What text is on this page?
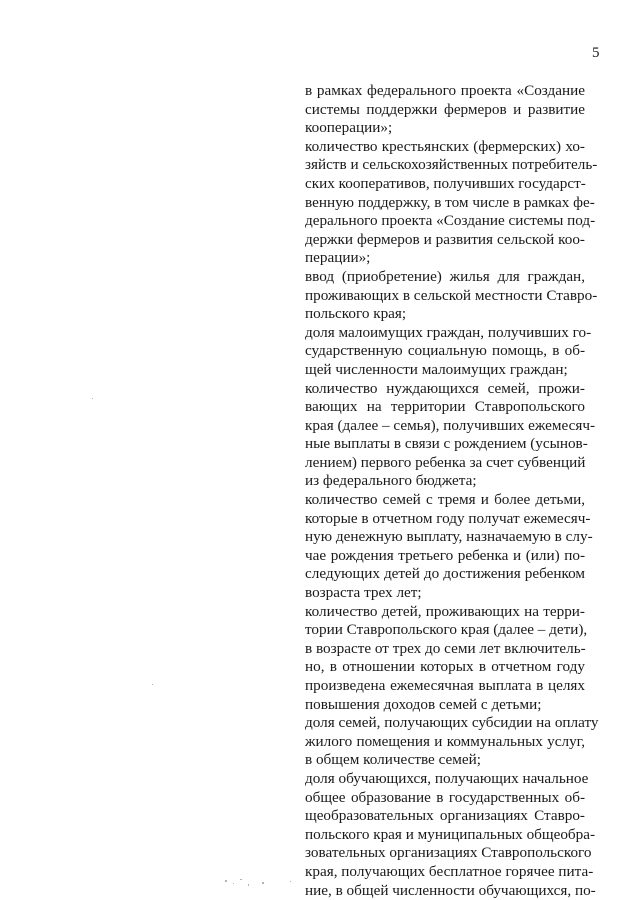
5
в рамках федерального проекта «Создание
системы поддержки фермеров и развитие
кооперации»;
количество крестьянских (фермерских) хо-
зяйств и сельскохозяйственных потребитель-
ских кооперативов, получивших государст-
венную поддержку, в том числе в рамках фе-
дерального проекта «Создание системы под-
держки фермеров и развития сельской коо-
перации»;
ввод (приобретение) жилья для граждан,
проживающих в сельской местности Ставро-
польского края;
доля малоимущих граждан, получивших го-
сударственную социальную помощь, в об-
щей численности малоимущих граждан;
количество нуждающихся семей, прожи-
вающих на территории Ставропольского
края (далее – семья), получивших ежемесяч-
ные выплаты в связи с рождением (усынов-
лением) первого ребенка за счет субвенций
из федерального бюджета;
количество семей с тремя и более детьми,
которые в отчетном году получат ежемесяч-
ную денежную выплату, назначаемую в слу-
чае рождения третьего ребенка и (или) по-
следующих детей до достижения ребенком
возраста трех лет;
количество детей, проживающих на терри-
тории Ставропольского края (далее – дети),
в возрасте от трех до семи лет включитель-
но, в отношении которых в отчетном году
произведена ежемесячная выплата в целях
повышения доходов семей с детьми;
доля семей, получающих субсидии на оплату
жилого помещения и коммунальных услуг,
в общем количестве семей;
доля обучающихся, получающих начальное
общее образование в государственных об-
щеобразовательных организациях Ставро-
польского края и муниципальных общеобра-
зовательных организациях Ставропольского
края, получающих бесплатное горячее пита-
ние, в общей численности обучающихся, по-
